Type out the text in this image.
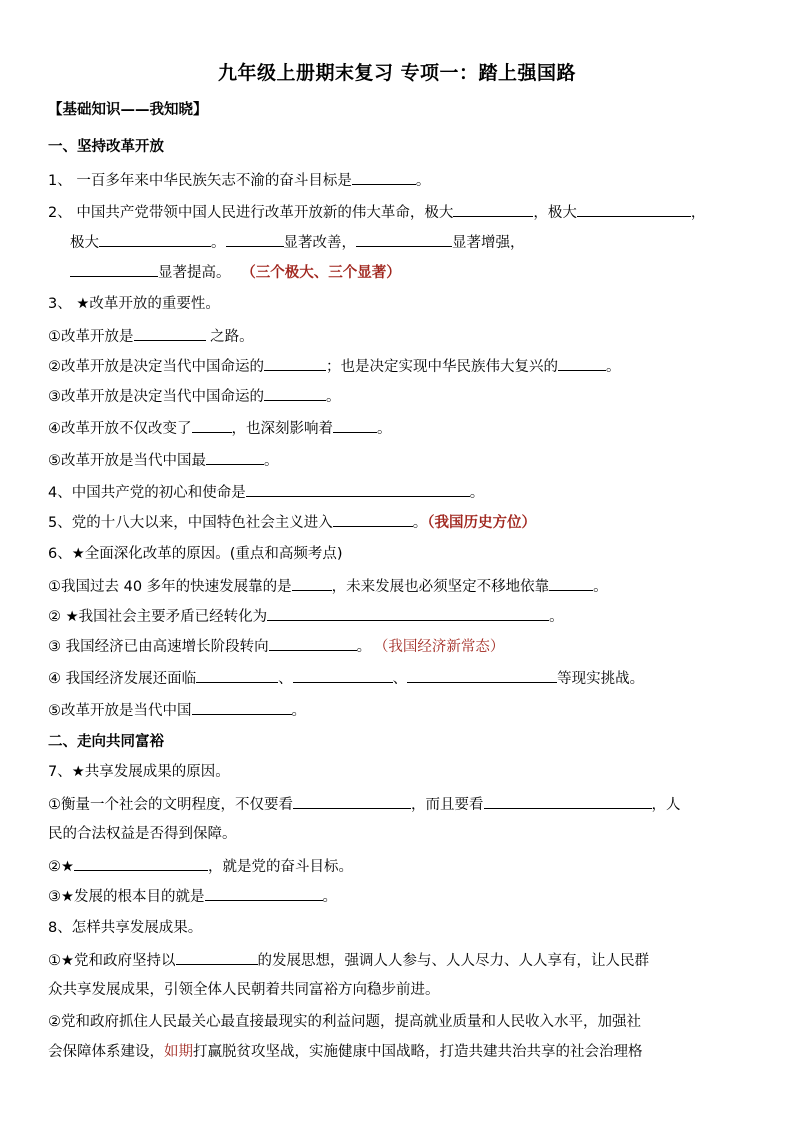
九年级上册期末复习 专项一：踏上强国路
【基础知识——我知晓】
一、坚持改革开放
1、 一百多年来中华民族矢志不渝的奋斗目标是	。
2、 中国共产党带领中国人民进行改革开放新的伟大革命，极大	，极大	，
极大	。	显著改善，	显著增强，
显著提高。 （三个极大、三个显著）
3、 ★改革开放的重要性。
①改革开放是	之路。
②改革开放是决定当代中国命运的	；也是决定实现中华民族伟大复兴的	。
③改革开放是决定当代中国命运的	。
④改革开放不仅改变了	，也深刻影响着	。
⑤改革开放是当代中国最	。
4、中国共产党的初心和使命是	。
5、党的十八大以来，中国特色社会主义进入	。（我国历史方位）
6、★全面深化改革的原因。(重点和高频考点)
①我国过去 40 多年的快速发展靠的是	，未来发展也必须坚定不移地依靠	。
② ★我国社会主要矛盾已经转化为	。
③ 我国经济已由高速增长阶段转向	。 （我国经济新常态）
④ 我国经济发展还面临	、	、	等现实挑战。
⑤改革开放是当代中国	。
二、走向共同富裕
7、★共享发展成果的原因。
①衡量一个社会的文明程度，不仅要看	，而且要看	，人
民的合法权益是否得到保障。
②★	，就是党的奋斗目标。
③★发展的根本目的就是	。
8、怎样共享发展成果。
①★党和政府坚持以	的发展思想，强调人人参与、人人尽力、人人享有，让人民群
众共享发展成果，引领全体人民朝着共同富裕方向稳步前进。
②党和政府抓住人民最关心最直接最现实的利益问题，提高就业质量和人民收入水平，加强社
会保障体系建设，如期打赢脱贫攻坚战，实施健康中国战略，打造共建共治共享的社会治理格
